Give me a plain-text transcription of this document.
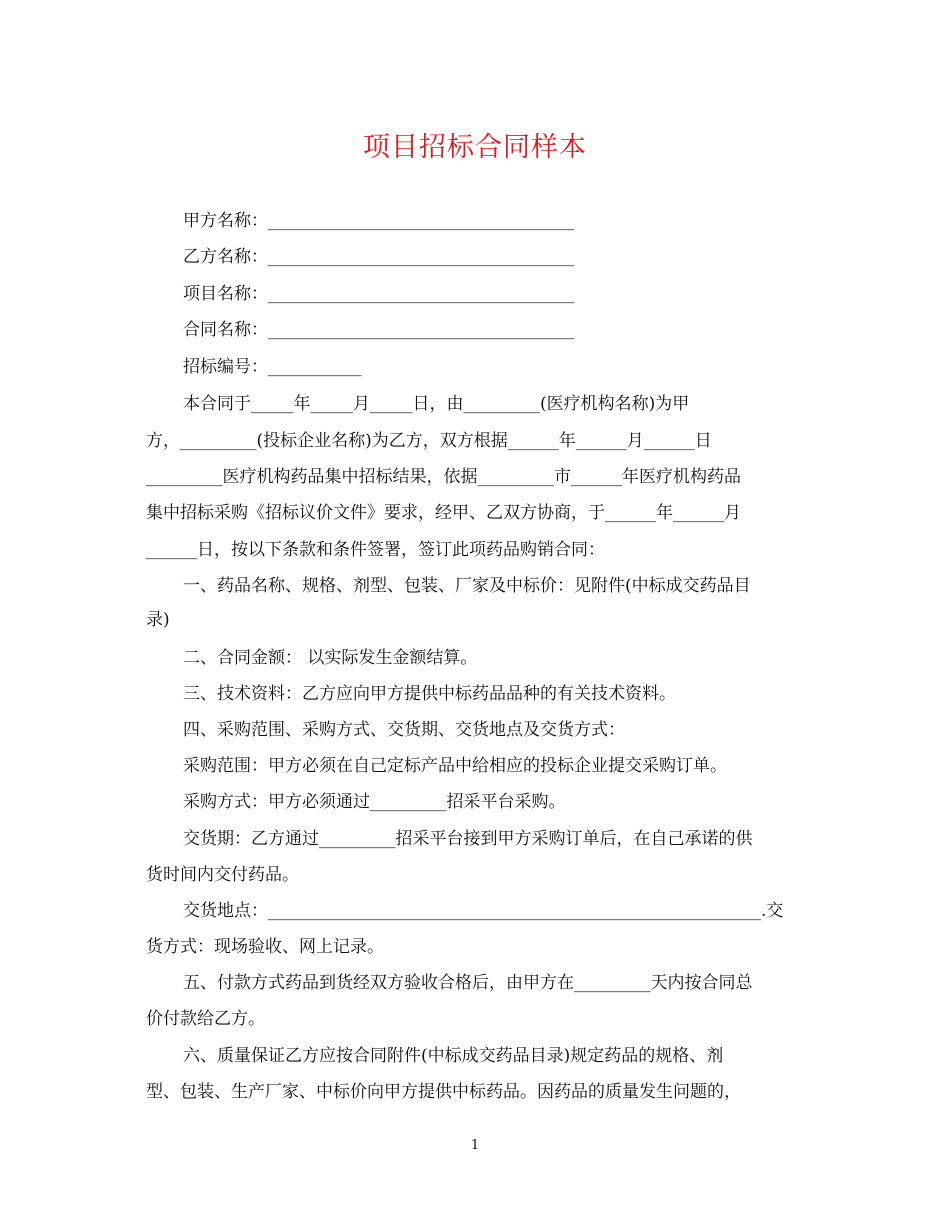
项目招标合同样本
甲方名称：____________________________________
乙方名称：____________________________________
项目名称：____________________________________
合同名称：____________________________________
招标编号：___________
本合同于_____年_____月_____日，由_________(医疗机构名称)为甲
方，_________(投标企业名称)为乙方，双方根据______年______月______日
_________医疗机构药品集中招标结果，依据_________市______年医疗机构药品
集中招标采购《招标议价文件》要求，经甲、乙双方协商，于______年______月
______日，按以下条款和条件签署，签订此项药品购销合同：
一、药品名称、规格、剂型、包装、厂家及中标价：见附件(中标成交药品目
录)
二、合同金额： 以实际发生金额结算。
三、技术资料：乙方应向甲方提供中标药品品种的有关技术资料。
四、采购范围、采购方式、交货期、交货地点及交货方式：
采购范围：甲方必须在自己定标产品中给相应的投标企业提交采购订单。
采购方式：甲方必须通过_________招采平台采购。
交货期：乙方通过_________招采平台接到甲方采购订单后，在自己承诺的供
货时间内交付药品。
交货地点：__________________________________________________________.交
货方式：现场验收、网上记录。
五、付款方式药品到货经双方验收合格后，由甲方在_________天内按合同总
价付款给乙方。
六、质量保证乙方应按合同附件(中标成交药品目录)规定药品的规格、剂
型、包装、生产厂家、中标价向甲方提供中标药品。因药品的质量发生问题的，
1
